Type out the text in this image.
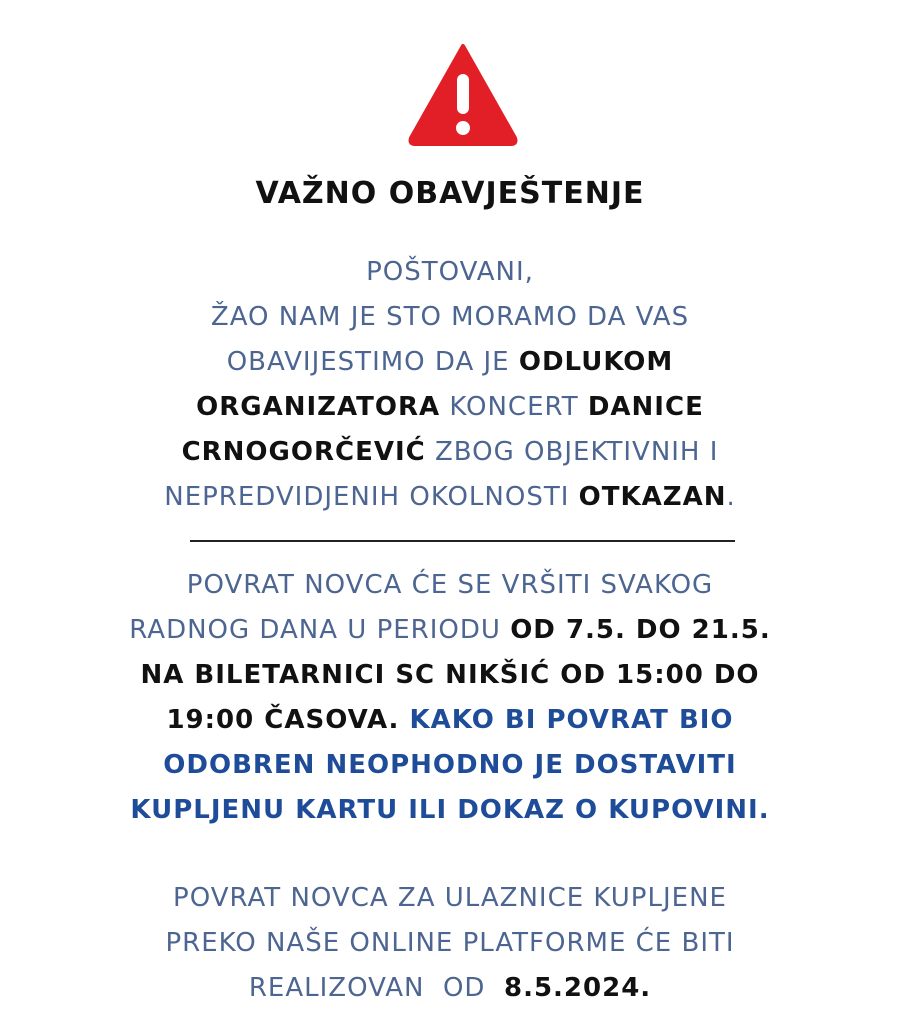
VAŽNO OBAVJEŠTENJE
POŠTOVANI,
ŽAO NAM JE STO MORAMO DA VAS
OBAVIJESTIMO DA JE ODLUKOM
ORGANIZATORA KONCERT DANICE
CRNOGORČEVIĆ ZBOG OBJEKTIVNIH I
NEPREDVIDJENIH OKOLNOSTI OTKAZAN.
POVRAT NOVCA ĆE SE VRŠITI SVAKOG
RADNOG DANA U PERIODU OD 7.5. DO 21.5.
NA BILETARNICI SC NIKŠIĆ OD 15:00 DO
19:00 ČASOVA. KAKO BI POVRAT BIO
ODOBREN NEOPHODNO JE DOSTAVITI
KUPLJENU KARTU ILI DOKAZ O KUPOVINI.
POVRAT NOVCA ZA ULAZNICE KUPLJENE
PREKO NAŠE ONLINE PLATFORME ĆE BITI
REALIZOVAN  OD  8.5.2024.
